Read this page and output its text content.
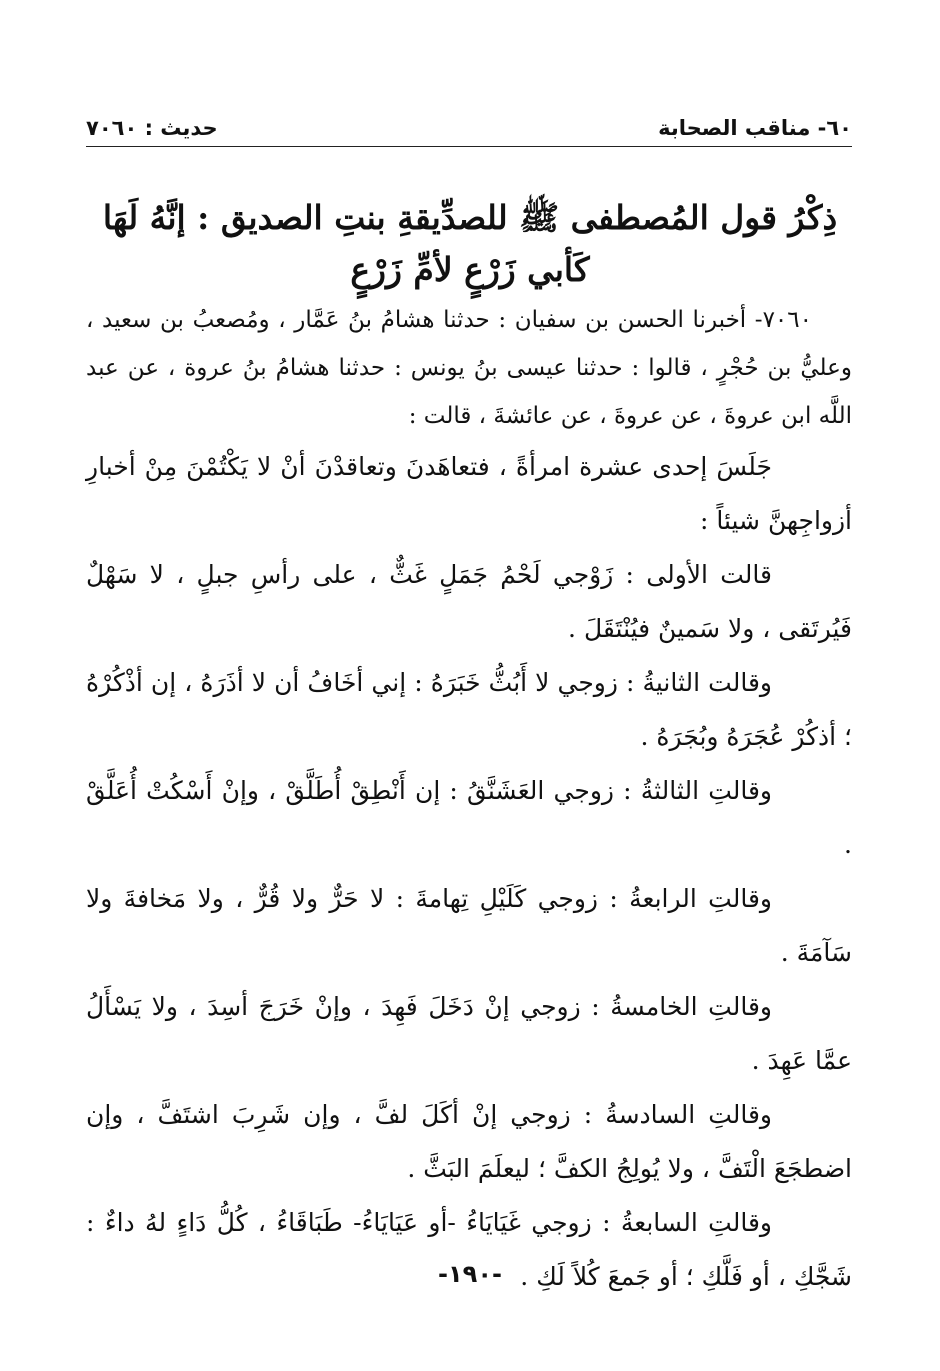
٦٠- مناقب الصحابة
حديث : ٧٠٦٠
ذِكْرُ قول المُصطفى ﷺ للصدِّيقةِ بنتِ الصديق : إنَّهُ لَهَا
كَأبي زَرْعٍ لأمِّ زَرْعٍ

٧٠٦٠- أخبرنا الحسن بن سفيان : حدثنا هشامُ بنُ عَمَّار ، ومُصعبُ بن سعيد ، وعليُّ بن حُجْرٍ ، قالوا : حدثنا عيسى بنُ يونس : حدثنا هشامُ بنُ عروة ، عن عبد اللَّه ابن عروةَ ، عن عروةَ ، عن عائشةَ ، قالت :

جَلَسَ إحدى عشرة امرأةً ، فتعاهَدنَ وتعاقدْنَ أنْ لا يَكْتُمْنَ مِنْ أخبارِ أزواجِهنَّ شيئاً :

قالت الأولى : زَوْجي لَحْمُ جَمَلٍ غَثٌّ ، على رأسِ جبلٍ ، لا سَهْلٌ فَيُرتَقى ، ولا سَمينٌ فيُنْتَقَلَ .

وقالت الثانيةُ : زوجي لا أَبُثُّ خَبَرَهُ : إني أخَافُ أن لا أذَرَهُ ، إن أذْكُرْهُ ؛ أذكُرْ عُجَرَهُ وبُجَرَهُ .

وقالتِ الثالثةُ : زوجي العَشَنَّقُ : إن أَنْطِقْ أُطَلَّقْ ، وإنْ أَسْكُتْ أُعَلَّقْ .

وقالتِ الرابعةُ : زوجي كَلَيْلِ تِهامةَ : لا حَرٌّ ولا قُرٌّ ، ولا مَخافةَ ولا سَآمَةَ .

وقالتِ الخامسةُ : زوجي إنْ دَخَلَ فَهِدَ ، وإنْ خَرَجَ أسِدَ ، ولا يَسْأَلُ عمَّا عَهِدَ .

وقالتِ السادسةُ : زوجي إنْ أكَلَ لفَّ ، وإن شَرِبَ اشتَفَّ ، وإن اضطجَعَ الْتَفَّ ، ولا يُولِجُ الكفَّ ؛ ليعلَمَ البَثَّ .

وقالتِ السابعةُ : زوجي غَيَايَاءُ -أو عَيَايَاءُ- طَبَاقَاءُ ، كُلُّ دَاءٍ لهُ داءٌ : شَجَّكِ ، أو فَلَّكِ ؛ أو جَمعَ كُلاً لَكِ .

-١٩٠-
